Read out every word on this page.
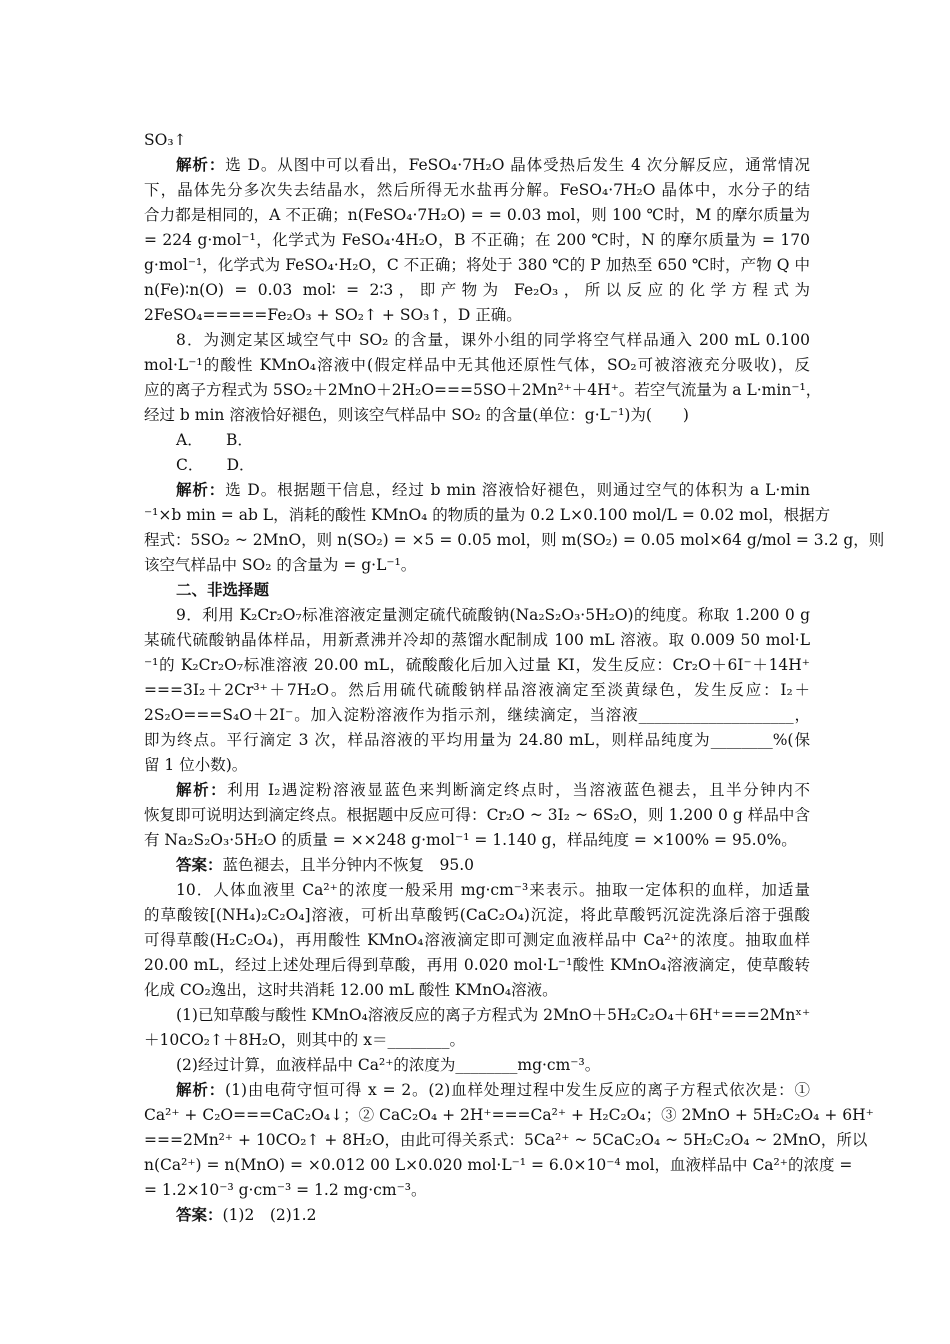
SO₃↑
解析：选 D。从图中可以看出，FeSO₄·7H₂O 晶体受热后发生 4 次分解反应，通常情况
下，晶体先分多次失去结晶水，然后所得无水盐再分解。FeSO₄·7H₂O 晶体中，水分子的结
合力都是相同的，A 不正确；n(FeSO₄·7H₂O) = = 0.03 mol，则 100 ℃时，M 的摩尔质量为
= 224 g·mol⁻¹，化学式为 FeSO₄·4H₂O，B 不正确；在 200 ℃时，N 的摩尔质量为 = 170
g·mol⁻¹，化学式为 FeSO₄·H₂O，C 不正确；将处于 380 ℃的 P 加热至 650 ℃时，产物 Q 中
n(Fe)∶n(O) = 0.03 mol∶ = 2∶3，即产物为 Fe₂O₃，所以反应的化学方程式为
2FeSO₄=====Fe₂O₃ + SO₂↑ + SO₃↑，D 正确。
8．为测定某区域空气中 SO₂ 的含量，课外小组的同学将空气样品通入 200 mL 0.100
mol·L⁻¹的酸性 KMnO₄溶液中(假定样品中无其他还原性气体，SO₂可被溶液充分吸收)，反
应的离子方程式为 5SO₂＋2MnO＋2H₂O===5SO＋2Mn²⁺＋4H⁺。若空气流量为 a L·min⁻¹，
经过 b min 溶液恰好褪色，则该空气样品中 SO₂ 的含量(单位：g·L⁻¹)为(　　)
A．　　B．
C．　　D．
解析：选 D。根据题干信息，经过 b min 溶液恰好褪色，则通过空气的体积为 a L·min
⁻¹×b min = ab L，消耗的酸性 KMnO₄ 的物质的量为 0.2 L×0.100 mol/L = 0.02 mol，根据方
程式：5SO₂ ~ 2MnO，则 n(SO₂) = ×5 = 0.05 mol，则 m(SO₂) = 0.05 mol×64 g/mol = 3.2 g，则
该空气样品中 SO₂ 的含量为 = g·L⁻¹。
二、非选择题
9．利用 K₂Cr₂O₇标准溶液定量测定硫代硫酸钠(Na₂S₂O₃·5H₂O)的纯度。称取 1.200 0 g
某硫代硫酸钠晶体样品，用新煮沸并冷却的蒸馏水配制成 100 mL 溶液。取 0.009 50 mol·L
⁻¹的 K₂Cr₂O₇标准溶液 20.00 mL，硫酸酸化后加入过量 KI，发生反应：Cr₂O＋6I⁻＋14H⁺
===3I₂＋2Cr³⁺＋7H₂O。然后用硫代硫酸钠样品溶液滴定至淡黄绿色，发生反应：I₂＋
2S₂O===S₄O＋2I⁻。加入淀粉溶液作为指示剂，继续滴定，当溶液____________________，
即为终点。平行滴定 3 次，样品溶液的平均用量为 24.80 mL，则样品纯度为________%(保
留 1 位小数)。
解析：利用 I₂遇淀粉溶液显蓝色来判断滴定终点时，当溶液蓝色褪去，且半分钟内不
恢复即可说明达到滴定终点。根据题中反应可得：Cr₂O ~ 3I₂ ~ 6S₂O，则 1.200 0 g 样品中含
有 Na₂S₂O₃·5H₂O 的质量 = ××248 g·mol⁻¹ = 1.140 g，样品纯度 = ×100% = 95.0%。
答案：蓝色褪去，且半分钟内不恢复　95.0
10．人体血液里 Ca²⁺的浓度一般采用 mg·cm⁻³来表示。抽取一定体积的血样，加适量
的草酸铵[(NH₄)₂C₂O₄]溶液，可析出草酸钙(CaC₂O₄)沉淀，将此草酸钙沉淀洗涤后溶于强酸
可得草酸(H₂C₂O₄)，再用酸性 KMnO₄溶液滴定即可测定血液样品中 Ca²⁺的浓度。抽取血样
20.00 mL，经过上述处理后得到草酸，再用 0.020 mol·L⁻¹酸性 KMnO₄溶液滴定，使草酸转
化成 CO₂逸出，这时共消耗 12.00 mL 酸性 KMnO₄溶液。
(1)已知草酸与酸性 KMnO₄溶液反应的离子方程式为 2MnO＋5H₂C₂O₄＋6H⁺===2Mnˣ⁺
＋10CO₂↑＋8H₂O，则其中的 x＝________。
(2)经过计算，血液样品中 Ca²⁺的浓度为________mg·cm⁻³。
解析：(1)由电荷守恒可得 x = 2。(2)血样处理过程中发生反应的离子方程式依次是：①
Ca²⁺ + C₂O===CaC₂O₄↓；② CaC₂O₄ + 2H⁺===Ca²⁺ + H₂C₂O₄；③ 2MnO + 5H₂C₂O₄ + 6H⁺
===2Mn²⁺ + 10CO₂↑ + 8H₂O，由此可得关系式：5Ca²⁺ ~ 5CaC₂O₄ ~ 5H₂C₂O₄ ~ 2MnO，所以
n(Ca²⁺) = n(MnO) = ×0.012 00 L×0.020 mol·L⁻¹ = 6.0×10⁻⁴ mol，血液样品中 Ca²⁺的浓度 =
= 1.2×10⁻³ g·cm⁻³ = 1.2 mg·cm⁻³。
答案：(1)2　(2)1.2
